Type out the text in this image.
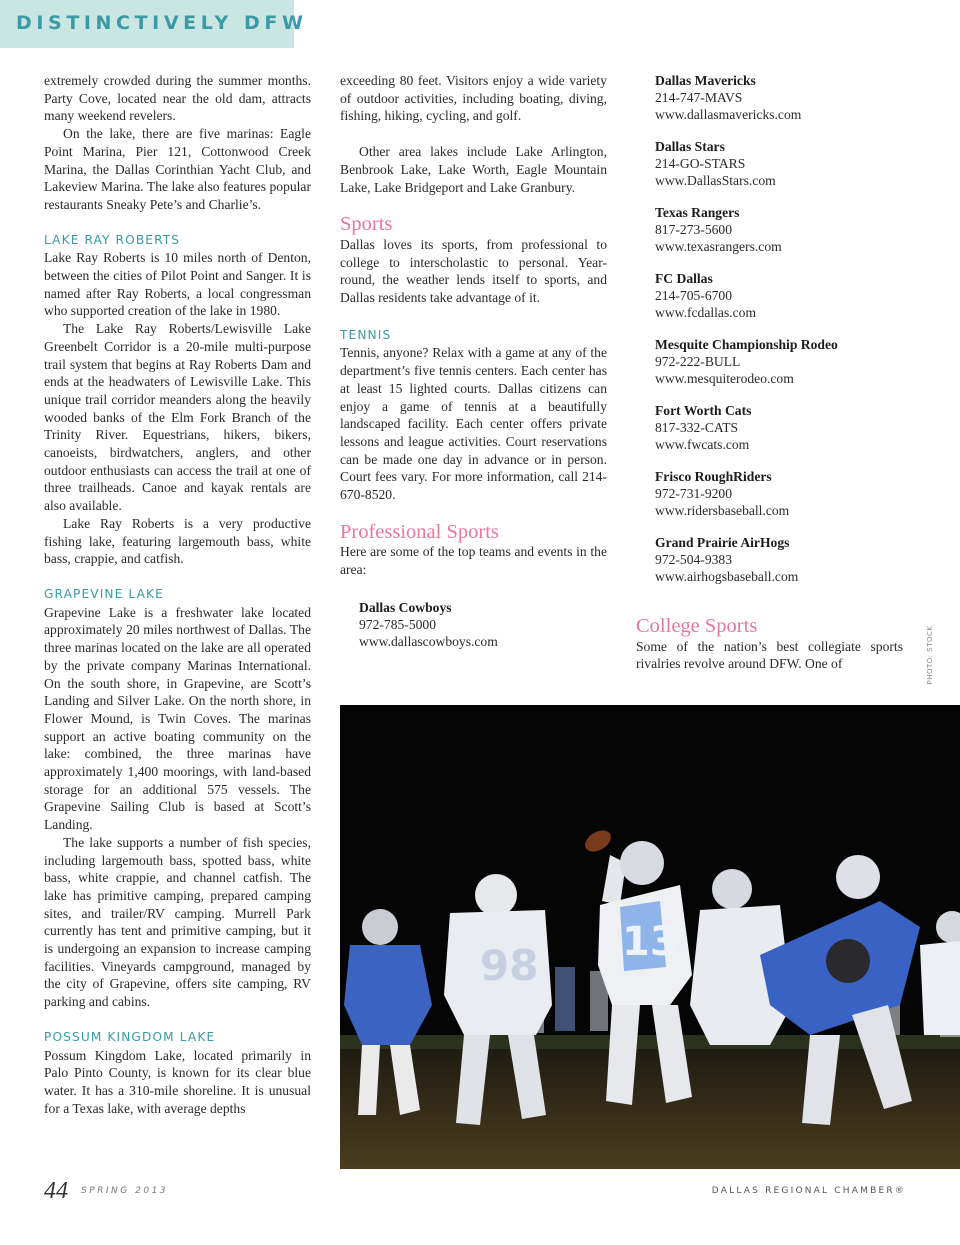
DISTINCTIVELY DFW

extremely crowded during the summer months. Party Cove, located near the old dam, attracts many weekend revelers.

On the lake, there are five marinas: Eagle Point Marina, Pier 121, Cottonwood Creek Marina, the Dallas Corinthian Yacht Club, and Lakeview Marina. The lake also features popular restaurants Sneaky Pete’s and Charlie’s.

LAKE RAY ROBERTS

Lake Ray Roberts is 10 miles north of Denton, between the cities of Pilot Point and Sanger. It is named after Ray Roberts, a local congressman who supported creation of the lake in 1980.

The Lake Ray Roberts/Lewisville Lake Greenbelt Corridor is a 20-mile multi-purpose trail system that begins at Ray Roberts Dam and ends at the headwaters of Lewisville Lake. This unique trail corridor meanders along the heavily wooded banks of the Elm Fork Branch of the Trinity River. Equestrians, hikers, bikers, canoeists, birdwatchers, anglers, and other outdoor enthusiasts can access the trail at one of three trailheads. Canoe and kayak rentals are also available.

Lake Ray Roberts is a very productive fishing lake, featuring largemouth bass, white bass, crappie, and catfish.

GRAPEVINE LAKE

Grapevine Lake is a freshwater lake located approximately 20 miles northwest of Dallas. The three marinas located on the lake are all operated by the private company Marinas International. On the south shore, in Grapevine, are Scott’s Landing and Silver Lake. On the north shore, in Flower Mound, is Twin Coves. The marinas support an active boating community on the lake: combined, the three marinas have approximately 1,400 moorings, with land-based storage for an additional 575 vessels. The Grapevine Sailing Club is based at Scott’s Landing.

The lake supports a number of fish species, including largemouth bass, spotted bass, white bass, white crappie, and channel catfish. The lake has primitive camping, prepared camping sites, and trailer/RV camping. Murrell Park currently has tent and primitive camping, but it is undergoing an expansion to increase camping facilities. Vineyards campground, managed by the city of Grapevine, offers site camping, RV parking and cabins.

POSSUM KINGDOM LAKE

Possum Kingdom Lake, located primarily in Palo Pinto County, is known for its clear blue water. It has a 310-mile shoreline. It is unusual for a Texas lake, with average depths

exceeding 80 feet. Visitors enjoy a wide variety of outdoor activities, including boating, diving, fishing, hiking, cycling, and golf.

Other area lakes include Lake Arlington, Benbrook Lake, Lake Worth, Eagle Mountain Lake, Lake Bridgeport and Lake Granbury.

Sports

Dallas loves its sports, from professional to college to interscholastic to personal. Year-round, the weather lends itself to sports, and Dallas residents take advantage of it.

TENNIS

Tennis, anyone? Relax with a game at any of the department’s five tennis centers. Each center has at least 15 lighted courts. Dallas citizens can enjoy a game of tennis at a beautifully landscaped facility. Each center offers private lessons and league activities. Court reservations can be made one day in advance or in person. Court fees vary. For more information, call 214-670-8520.

Professional Sports

Here are some of the top teams and events in the area:

Dallas Cowboys
972-785-5000
www.dallascowboys.com
Dallas Mavericks
214-747-MAVS
www.dallasmavericks.com
Dallas Stars
214-GO-STARS
www.DallasStars.com
Texas Rangers
817-273-5600
www.texasrangers.com
FC Dallas
214-705-6700
www.fcdallas.com
Mesquite Championship Rodeo
972-222-BULL
www.mesquiterodeo.com
Fort Worth Cats
817-332-CATS
www.fwcats.com
Frisco RoughRiders
972-731-9200
www.ridersbaseball.com
Grand Prairie AirHogs
972-504-9383
www.airhogsbaseball.com

College Sports

Some of the nation’s best collegiate sports rivalries revolve around DFW. One of	PHOTO: STOCK
98 13
44 SPRING 2013	DALLAS REGIONAL CHAMBER®
